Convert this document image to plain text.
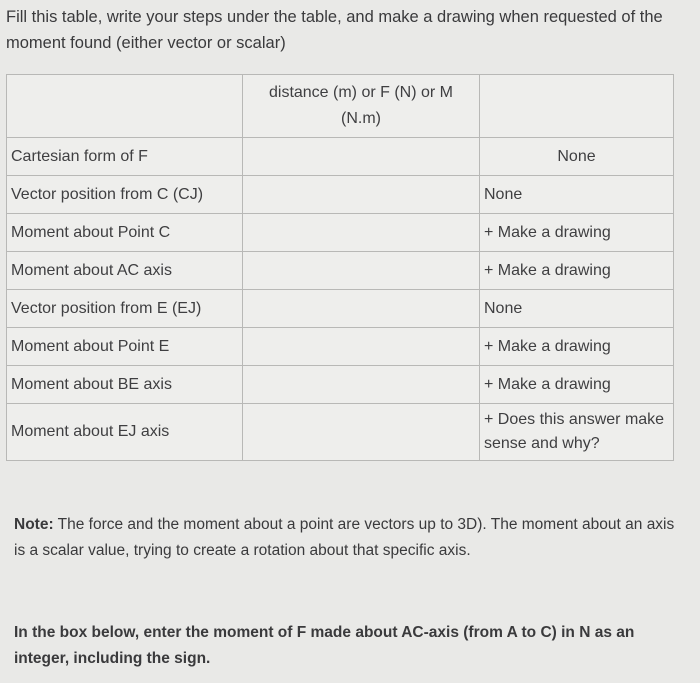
Fill this table, write your steps under the table, and make a drawing when requested of the moment found (either vector or scalar)
	distance (m) or F (N) or M (N.m)	
Cartesian form of F		None
Vector position from C (CJ)		None
Moment about Point C		+ Make a drawing
Moment about AC axis		+ Make a drawing
Vector position from E (EJ)		None
Moment about Point E		+ Make a drawing
Moment about BE axis		+ Make a drawing
Moment about EJ axis		+ Does this answer make sense and why?
Note: The force and the moment about a point are vectors up to 3D). The moment about an axis is a scalar value, trying to create a rotation about that specific axis.
In the box below, enter the moment of F made about AC-axis (from A to C) in N as an integer, including the sign.
